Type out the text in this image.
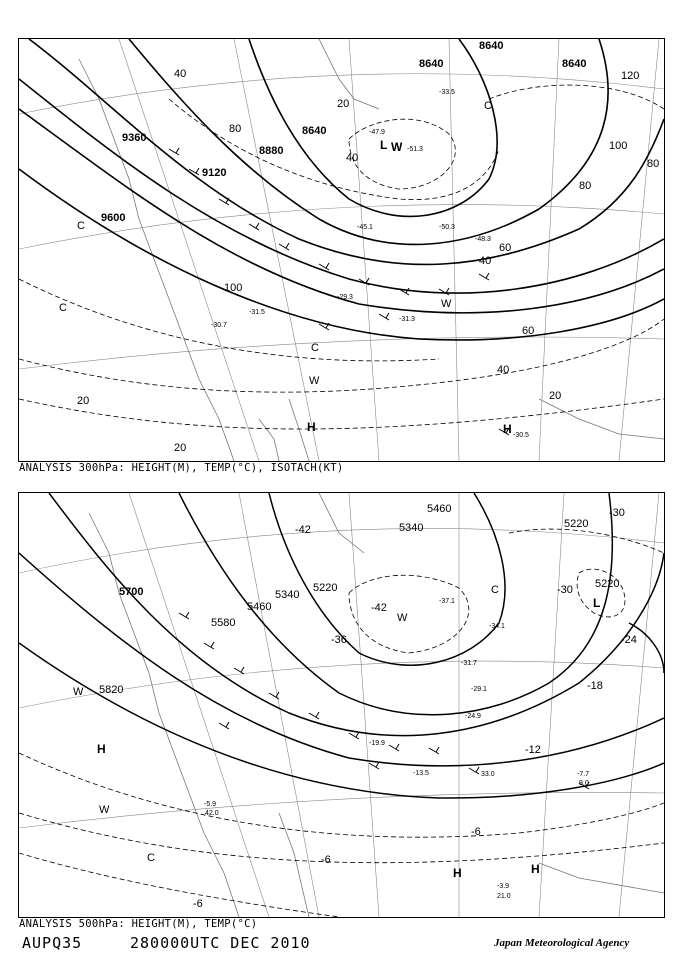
9600
9360
9120
8880
8640
8640	8640
8640
100
40
20
80
60
40
20
120
100
80
40
20
20
40
60
80
-51.3
-47.9
-50.3
-31.3
-29.3
-30.7
-31.5
-30.5
-33.5
-45.1
-48.3
L W
C
C
C
C
W
W
H	H
ANALYSIS 300hPa: HEIGHT(M), TEMP(°C), ISOTACH(KT)
5820
5700
5580
5460
5340
5220
5340
5460
5220
5220
-42
-42
-36
-30
-30
-24
-18
-12
-6
-6
-6
-37.1
-34.1
-31.7
-29.1
-24.9
-19.9
-13.5	-7.7
-5.9
-3.9
21.0
33.0
42.0
9.0
L
W
C
C
W
W
H
H	H
ANALYSIS 500hPa: HEIGHT(M), TEMP(°C)
AUPQ35	280000UTC DEC 2010	Japan Meteorological Agency
